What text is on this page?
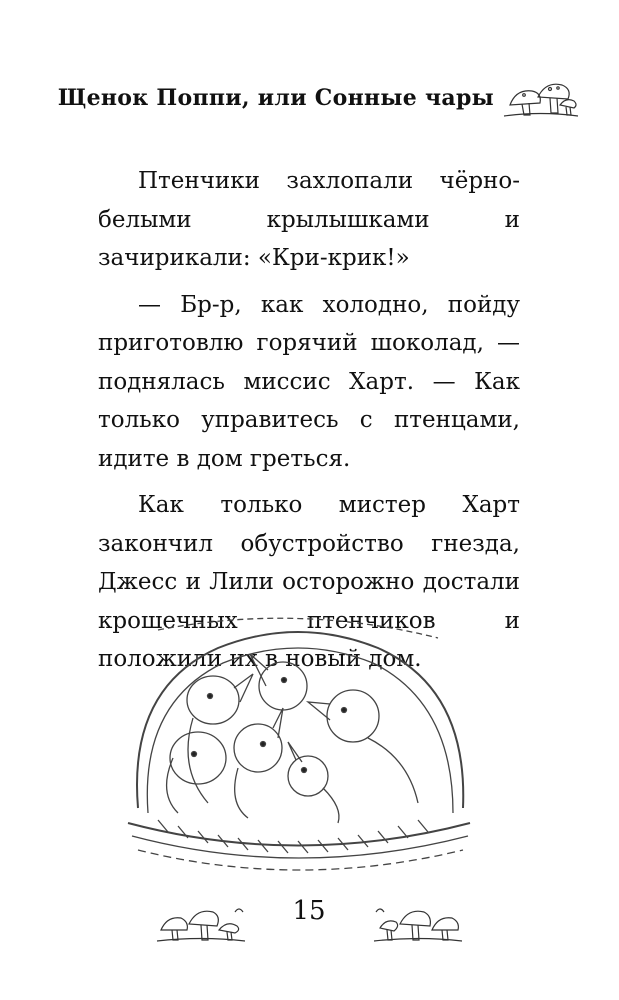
Щенок Поппи, или Сонные чары

Птенчики захлопали чёрно-белыми крылышками и зачирикали: «Кри-крик!»

— Бр-р, как холодно, пойду приготовлю горячий шоколад, — поднялась миссис Харт. — Как только управитесь с птенцами, идите в дом греться.

Как только мистер Харт закончил обустройство гнезда, Джесс и Лили осторожно достали крошечных птенчиков и положили их в новый дом.

15
